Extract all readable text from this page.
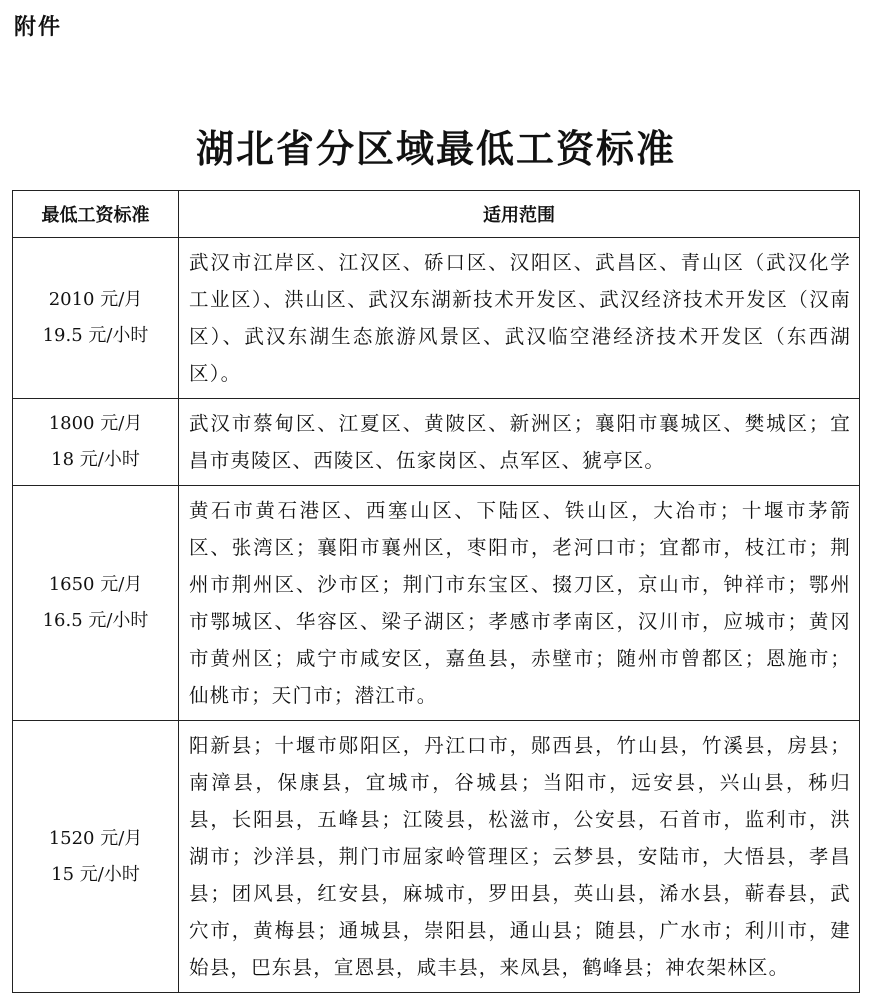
附件
湖北省分区域最低工资标准
最低工资标准	适用范围

2010 元/月
19.5 元/小时	武汉市江岸区、江汉区、硚口区、汉阳区、武昌区、青山区（武汉化学工业区）、洪山区、武汉东湖新技术开发区、武汉经济技术开发区（汉南区）、武汉东湖生态旅游风景区、武汉临空港经济技术开发区（东西湖区）。

1800 元/月
18 元/小时	武汉市蔡甸区、江夏区、黄陂区、新洲区；襄阳市襄城区、樊城区；宜昌市夷陵区、西陵区、伍家岗区、点军区、猇亭区。

1650 元/月
16.5 元/小时	黄石市黄石港区、西塞山区、下陆区、铁山区，大冶市；十堰市茅箭区、张湾区；襄阳市襄州区，枣阳市，老河口市；宜都市，枝江市；荆州市荆州区、沙市区；荆门市东宝区、掇刀区，京山市，钟祥市；鄂州市鄂城区、华容区、梁子湖区；孝感市孝南区，汉川市，应城市；黄冈市黄州区；咸宁市咸安区，嘉鱼县，赤壁市；随州市曾都区；恩施市；仙桃市；天门市；潜江市。

1520 元/月
15 元/小时	阳新县；十堰市郧阳区，丹江口市，郧西县，竹山县，竹溪县，房县；南漳县，保康县，宜城市，谷城县；当阳市，远安县，兴山县，秭归县，长阳县，五峰县；江陵县，松滋市，公安县，石首市，监利市，洪湖市；沙洋县，荆门市屈家岭管理区；云梦县，安陆市，大悟县，孝昌县；团风县，红安县，麻城市，罗田县，英山县，浠水县，蕲春县，武穴市，黄梅县；通城县，崇阳县，通山县；随县，广水市；利川市，建始县，巴东县，宣恩县，咸丰县，来凤县，鹤峰县；神农架林区。
